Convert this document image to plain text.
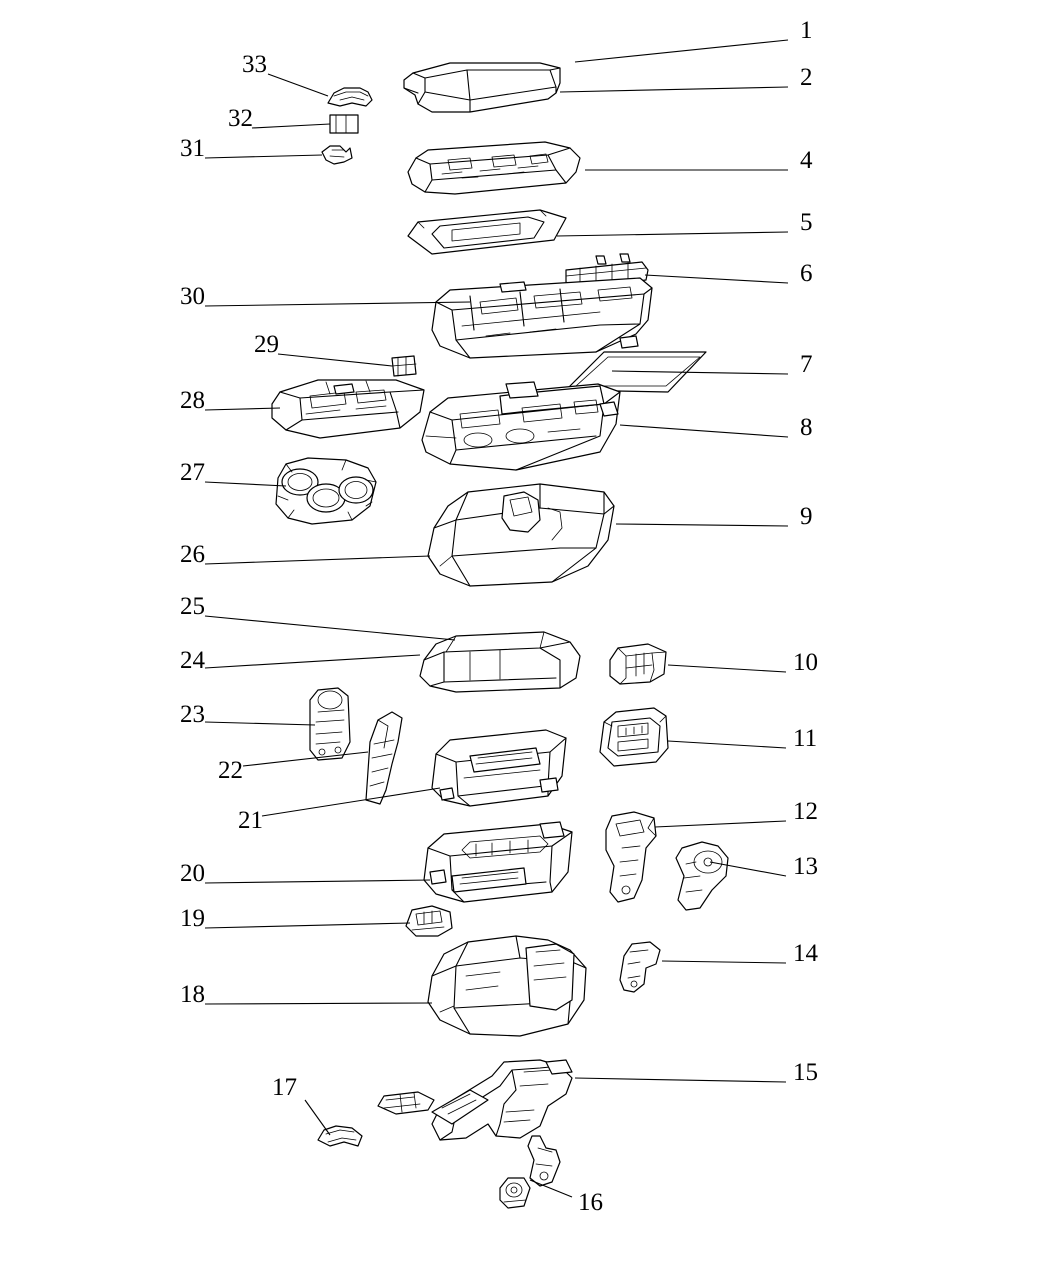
1
2
4
5
6
7
8
9
10
11
12
13
14
15
16
17
18
19
20
21
22
23
24
25
26
27
28
29
30
31
32
33
